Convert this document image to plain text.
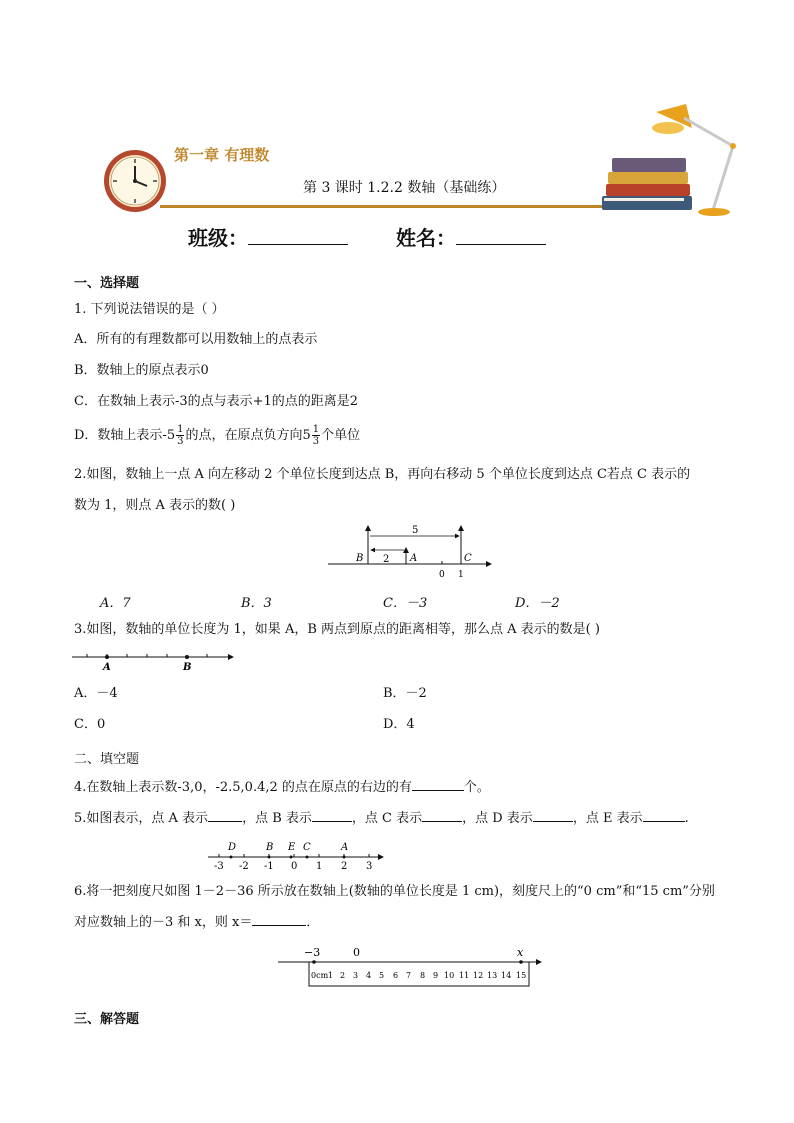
第一章 有理数
第 3 课时 1.2.2 数轴（基础练）
班级：	姓名：
一、选择题
1. 下列说法错误的是（ ）
A．所有的有理数都可以用数轴上的点表示
B．数轴上的原点表示0
C．在数轴上表示-3的点与表示+1的点的距离是2
D．数轴上表示$-5 \frac{1}{3}$ 的点，在原点负方向$5 \frac{1}{3}$ 个单位
2.如图，数轴上一点 A 向左移动 2 个单位长度到达点 B，再向右移动 5 个单位长度到达点 C若点 C 表示的
数为 1，则点 A 表示的数( )
5
2
B	A	C
0 1
A．7	B．3	C．－3	D．－2
3.如图，数轴的单位长度为 1，如果 A，B 两点到原点的距离相等，那么点 A 表示的数是( )
A	B
A．－4	B．－2
C．0	D．4
二、填空题
4.在数轴上表示数-3,0，-2.5,0.4,2 的点在原点的右边的有	个。
5.如图表示，点 A 表示	，点 B 表示	，点 C 表示	，点 D 表示	，点 E 表示	.
D	B E C	A
-3 -2 -1 0 1 2 3
6.将一把刻度尺如图 1－2－36 所示放在数轴上(数轴的单位长度是 1 cm)，刻度尺上的“0 cm”和“15 cm”分别
对应数轴上的－3 和 x，则 x＝	．
−3	0	x
0cm 1 2 3 4 5 6 7 8 9 10 11 12 13 14 15
三、解答题
